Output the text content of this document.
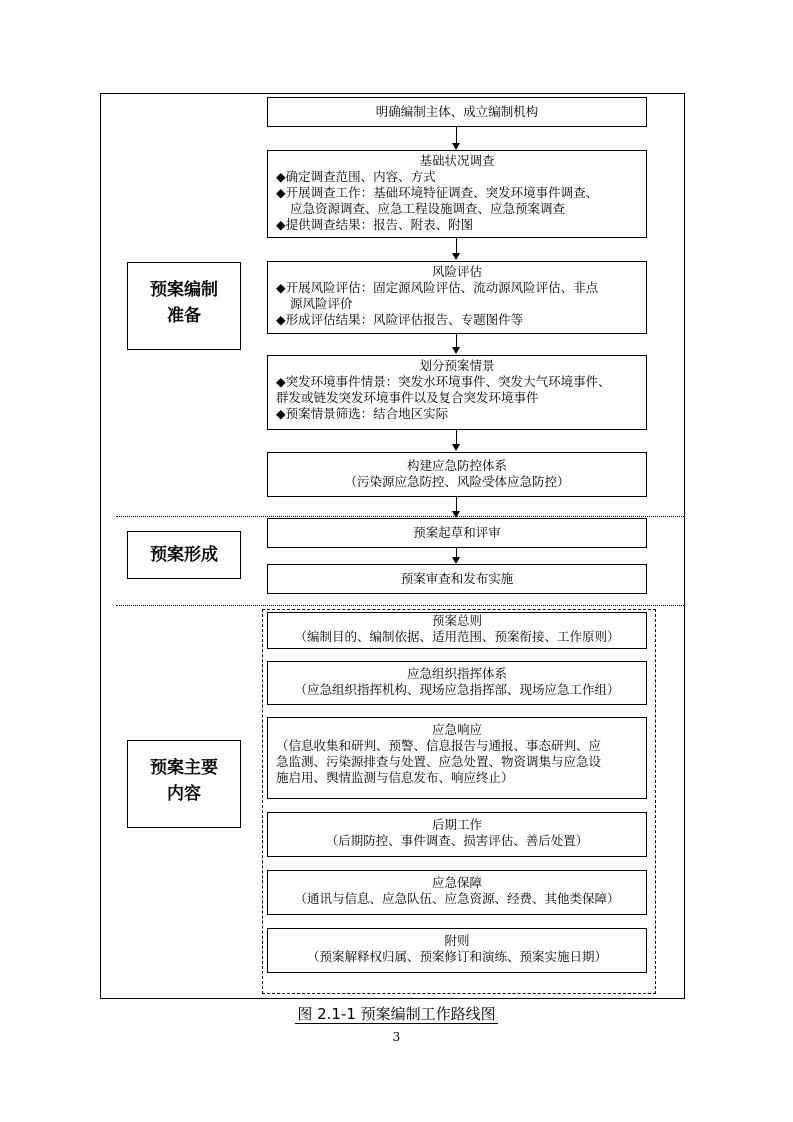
预案编制
准备
预案形成
预案主要
内容
明确编制主体、成立编制机构
基础状况调查
◆确定调查范围、内容、方式
◆开展调查工作：基础环境特征调查、突发环境事件调查、
应急资源调查、应急工程设施调查、应急预案调查
◆提供调查结果：报告、附表、附图
风险评估
◆开展风险评估：固定源风险评估、流动源风险评估、非点
源风险评价
◆形成评估结果：风险评估报告、专题图件等
划分预案情景
◆突发环境事件情景：突发水环境事件、突发大气环境事件、
群发或链发突发环境事件以及复合突发环境事件
◆预案情景筛选：结合地区实际
构建应急防控体系
（污染源应急防控、风险受体应急防控）
预案起草和评审
预案审查和发布实施
预案总则
（编制目的、编制依据、适用范围、预案衔接、工作原则）
应急组织指挥体系
（应急组织指挥机构、现场应急指挥部、现场应急工作组）
应急响应
（信息收集和研判、预警、信息报告与通报、事态研判、应
急监测、污染源排查与处置、应急处置、物资调集与应急设
施启用、舆情监测与信息发布、响应终止）
后期工作
（后期防控、事件调查、损害评估、善后处置）
应急保障
（通讯与信息、应急队伍、应急资源、经费、其他类保障）
附则
（预案解释权归属、预案修订和演练、预案实施日期）
图 2.1-1 预案编制工作路线图
3
